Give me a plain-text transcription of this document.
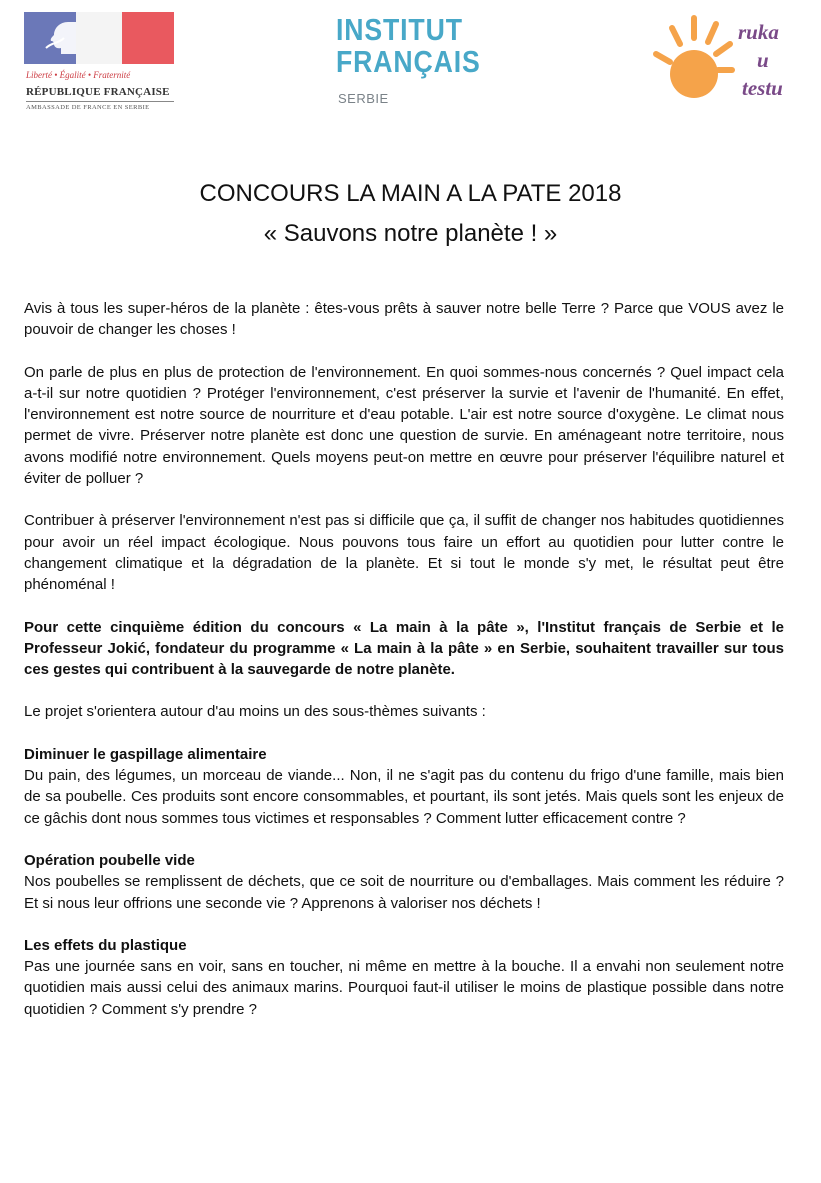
Liberté • Égalité • Fraternité
RÉPUBLIQUE FRANÇAISE
AMBASSADE DE FRANCE EN SERBIE
INSTITUT
FRANÇAIS
SERBIE
ruka
u
testu
CONCOURS LA MAIN A LA PATE 2018
« Sauvons notre planète ! »

Avis à tous les super-héros de la planète : êtes-vous prêts à sauver notre belle Terre ? Parce que VOUS avez le pouvoir de changer les choses !

On parle de plus en plus de protection de l'environnement. En quoi sommes-nous concernés ? Quel impact cela a-t-il sur notre quotidien ? Protéger l'environnement, c'est préserver la survie et l'avenir de l'humanité. En effet, l'environnement est notre source de nourriture et d'eau potable. L'air est notre source d'oxygène. Le climat nous permet de vivre. Préserver notre planète est donc une question de survie. En aménageant notre territoire, nous avons modifié notre environnement. Quels moyens peut-on mettre en œuvre pour préserver l'équilibre naturel et éviter de polluer ?

Contribuer à préserver l'environnement n'est pas si difficile que ça, il suffit de changer nos habitudes quotidiennes pour avoir un réel impact écologique. Nous pouvons tous faire un effort au quotidien pour lutter contre le changement climatique et la dégradation de la planète. Et si tout le monde s'y met, le résultat peut être phénoménal !

Pour cette cinquième édition du concours « La main à la pâte », l'Institut français de Serbie et le Professeur Jokić, fondateur du programme « La main à la pâte » en Serbie, souhaitent travailler sur tous ces gestes qui contribuent à la sauvegarde de notre planète.

Le projet s'orientera autour d'au moins un des sous-thèmes suivants :

Diminuer le gaspillage alimentaire
Du pain, des légumes, un morceau de viande... Non, il ne s'agit pas du contenu du frigo d'une famille, mais bien de sa poubelle. Ces produits sont encore consommables, et pourtant, ils sont jetés. Mais quels sont les enjeux de ce gâchis dont nous sommes tous victimes et responsables ? Comment lutter efficacement contre ?
Opération poubelle vide
Nos poubelles se remplissent de déchets, que ce soit de nourriture ou d'emballages. Mais comment les réduire ? Et si nous leur offrions une seconde vie ? Apprenons à valoriser nos déchets !
Les effets du plastique
Pas une journée sans en voir, sans en toucher, ni même en mettre à la bouche. Il a envahi non seulement notre quotidien mais aussi celui des animaux marins. Pourquoi faut-il utiliser le moins de plastique possible dans notre quotidien ? Comment s'y prendre ?
